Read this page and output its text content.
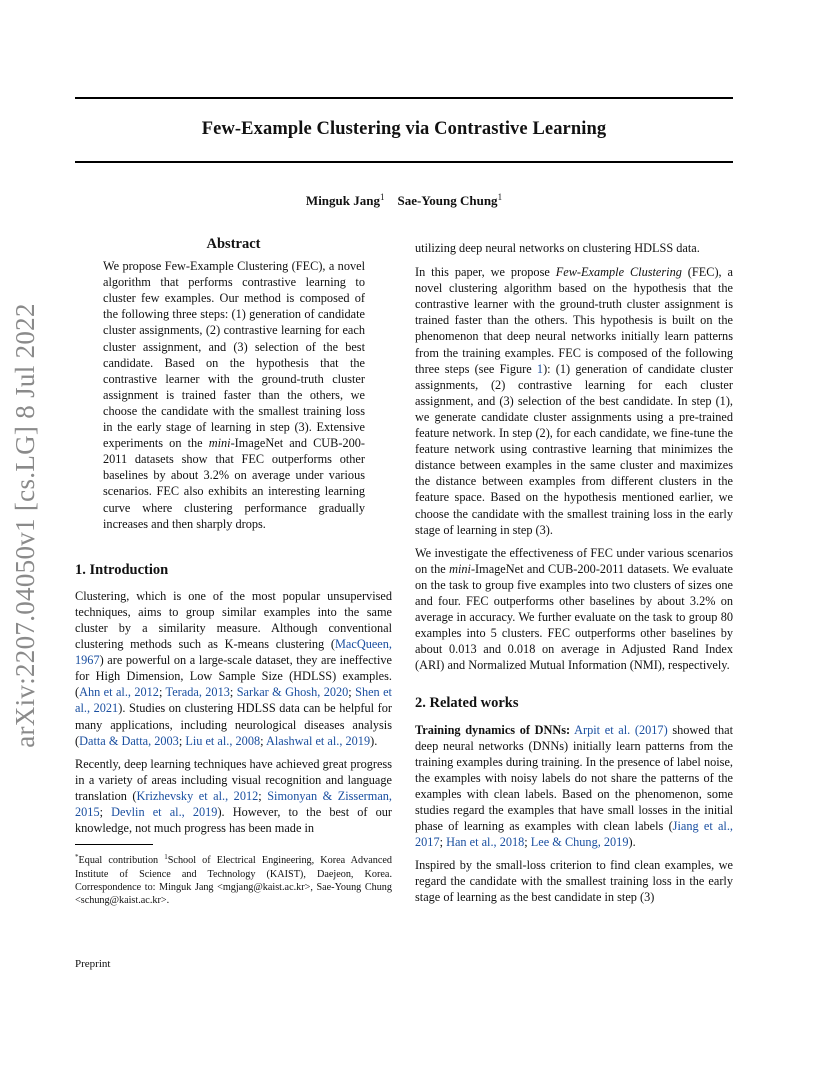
Few-Example Clustering via Contrastive Learning
Minguk Jang$^1$ Sae-Young Chung$^1$
arXiv:2207.04050v1 [cs.LG] 8 Jul 2022
Abstract

We propose Few-Example Clustering (FEC), a novel algorithm that performs contrastive learning to cluster few examples. Our method is composed of the following three steps: (1) generation of candidate cluster assignments, (2) contrastive learning for each cluster assignment, and (3) selection of the best candidate. Based on the hypothesis that the contrastive learner with the ground-truth cluster assignment is trained faster than the others, we choose the candidate with the smallest training loss in the early stage of learning in step (3). Extensive experiments on the mini-ImageNet and CUB-200-2011 datasets show that FEC outperforms other baselines by about 3.2% on average under various scenarios. FEC also exhibits an interesting learning curve where clustering performance gradually increases and then sharply drops.

1. Introduction

Clustering, which is one of the most popular unsupervised techniques, aims to group similar examples into the same cluster by a similarity measure. Although conventional clustering methods such as K-means clustering (MacQueen, 1967) are powerful on a large-scale dataset, they are ineffective for High Dimension, Low Sample Size (HDLSS) examples. (Ahn et al., 2012; Terada, 2013; Sarkar & Ghosh, 2020; Shen et al., 2021). Studies on clustering HDLSS data can be helpful for many applications, including neurological diseases analysis (Datta & Datta, 2003; Liu et al., 2008; Alashwal et al., 2019).

Recently, deep learning techniques have achieved great progress in a variety of areas including visual recognition and language translation (Krizhevsky et al., 2012; Simonyan & Zisserman, 2015; Devlin et al., 2019). However, to the best of our knowledge, not much progress has been made in

*Equal contribution $^1$School of Electrical Engineering, Korea Advanced Institute of Science and Technology (KAIST), Daejeon, Korea. Correspondence to: Minguk Jang <mgjang@kaist.ac.kr>, Sae-Young Chung <schung@kaist.ac.kr>.

utilizing deep neural networks on clustering HDLSS data.

In this paper, we propose Few-Example Clustering (FEC), a novel clustering algorithm based on the hypothesis that the contrastive learner with the ground-truth cluster assignment is trained faster than the others. This hypothesis is built on the phenomenon that deep neural networks initially learn patterns from the training examples. FEC is composed of the following three steps (see Figure 1): (1) generation of candidate cluster assignments, (2) contrastive learning for each cluster assignment, and (3) selection of the best candidate. In step (1), we generate candidate cluster assignments using a pre-trained feature network. In step (2), for each candidate, we fine-tune the feature network using contrastive learning that minimizes the distance between examples in the same cluster and maximizes the distance between examples from different clusters in the feature space. Based on the hypothesis mentioned earlier, we choose the candidate with the smallest training loss in the early stage of learning in step (3).

We investigate the effectiveness of FEC under various scenarios on the mini-ImageNet and CUB-200-2011 datasets. We evaluate on the task to group five examples into two clusters of sizes one and four. FEC outperforms other baselines by about 3.2% on average in accuracy. We further evaluate on the task to group 80 examples into 5 clusters. FEC outperforms other baselines by about 0.013 and 0.018 on average in Adjusted Rand Index (ARI) and Normalized Mutual Information (NMI), respectively.

2. Related works

Training dynamics of DNNs: Arpit et al. (2017) showed that deep neural networks (DNNs) initially learn patterns from the training examples during training. In the presence of label noise, the examples with noisy labels do not share the patterns of the examples with clean labels. Based on the phenomenon, some studies regard the examples that have small losses in the initial phase of learning as examples with clean labels (Jiang et al., 2017; Han et al., 2018; Lee & Chung, 2019).

Inspired by the small-loss criterion to find clean examples, we regard the candidate with the smallest training loss in the early stage of learning as the best candidate in step (3)

Preprint
